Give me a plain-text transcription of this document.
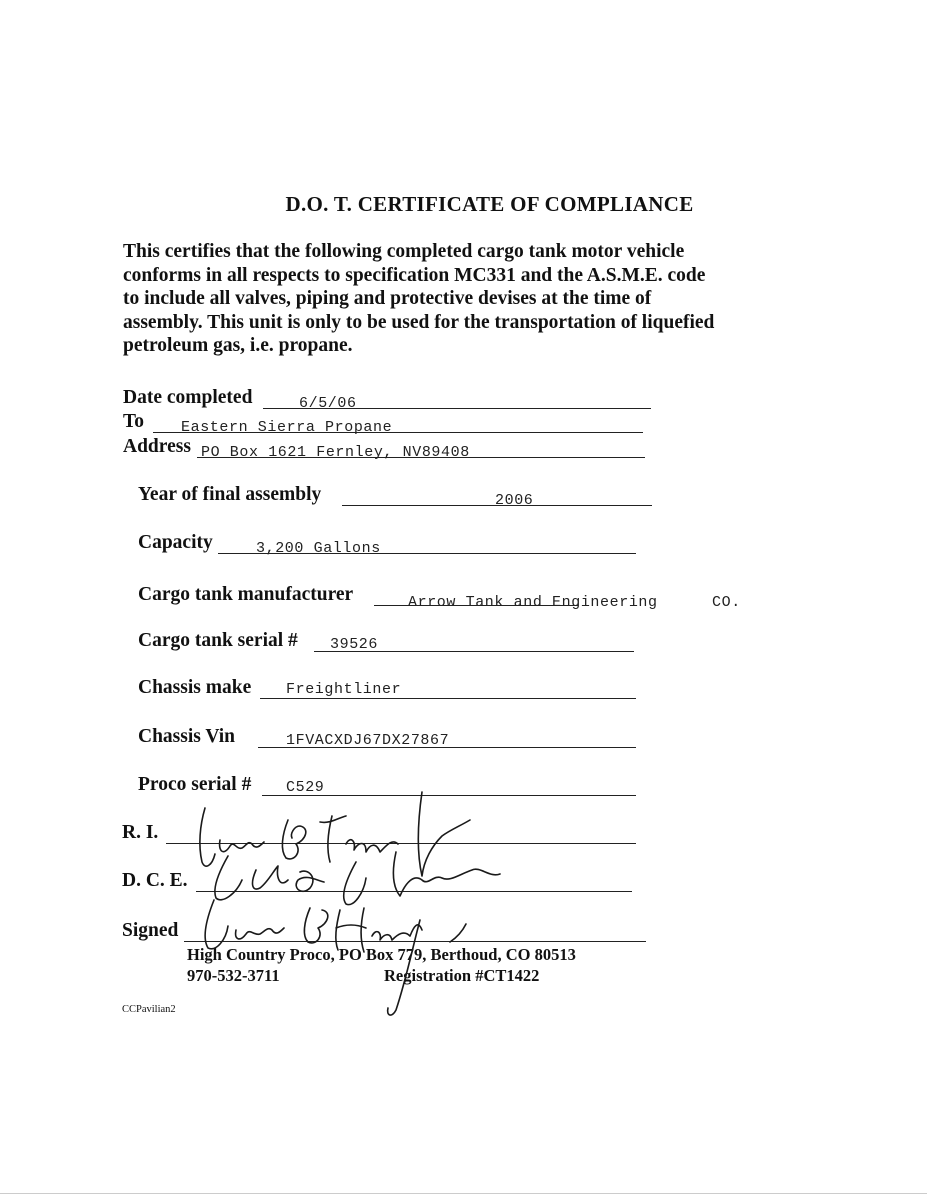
D.O. T. CERTIFICATE OF COMPLIANCE
This certifies that the following completed cargo tank motor vehicle
conforms in all respects to specification MC331 and the A.S.M.E. code
to include all valves, piping and protective devises at the time of
assembly. This unit is only to be used for the transportation of liquefied
petroleum gas, i.e. propane.
Date completed	6/5/06
To Eastern Sierra Propane
Address PO Box 1621 Fernley, NV89408
Year of final assembly	2006
Capacity	3,200 Gallons
Cargo tank manufacturer	Arrow Tank and Engineering	CO.
Cargo tank serial # 39526
Chassis make Freightliner
Chassis Vin	1FVACXDJ67DX27867
Proco serial # C529
R. I.
D. C. E.
Signed
High Country Proco, PO Box 779, Berthoud, CO 80513
970-532-3711	Registration #CT1422
CCPavilian2
